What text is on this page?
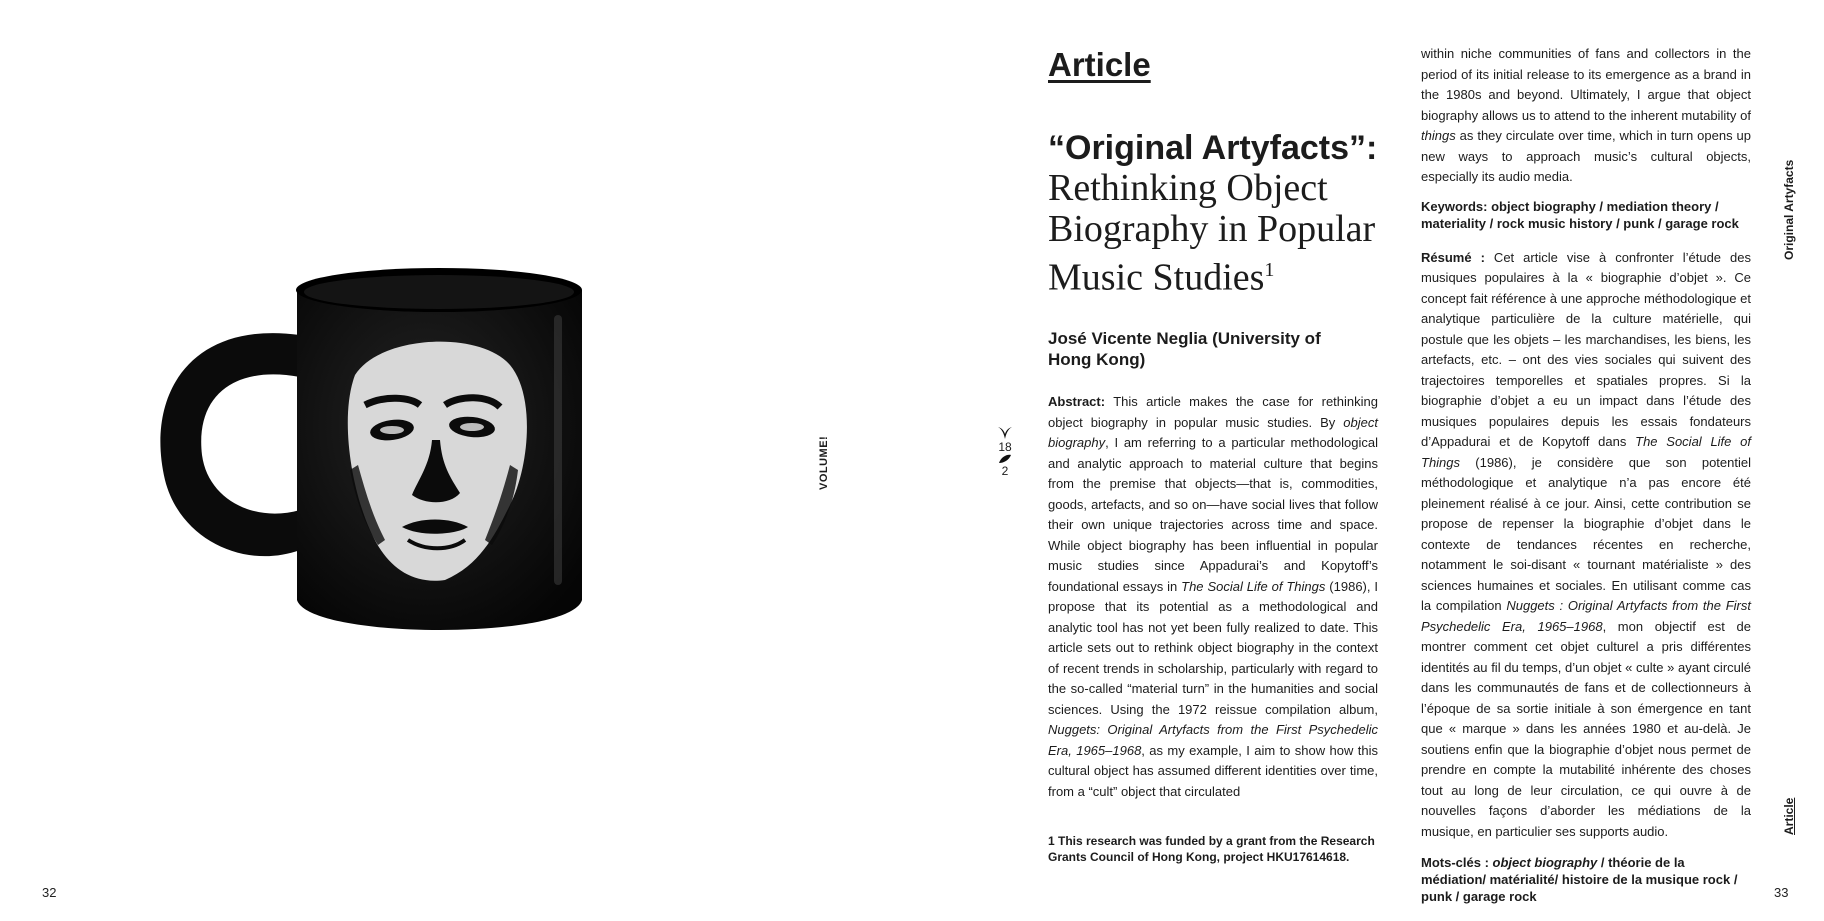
32
VOLUME!	18
2
Article
“Original Artyfacts”:
Rethinking Object Biography in Popular Music Studies$^1$
José Vicente Neglia (University of Hong Kong)
Abstract: This article makes the case for rethinking object biography in popular music studies. By object biography, I am referring to a particular methodological and analytic approach to material culture that begins from the premise that objects—that is, commodities, goods, artefacts, and so on—have social lives that follow their own unique trajectories across time and space. While object biography has been influential in popular music studies since Appadurai’s and Kopytoff’s foundational essays in The Social Life of Things (1986), I propose that its potential as a methodological and analytic tool has not yet been fully realized to date. This article sets out to rethink object biography in the context of recent trends in scholarship, particularly with regard to the so-called “material turn” in the humanities and social sciences. Using the 1972 reissue compilation album, Nuggets: Original Artyfacts from the First Psychedelic Era, 1965–1968, as my example, I aim to show how this cultural object has assumed different identities over time, from a “cult” object that circulated
1 This research was funded by a grant from the Research Grants Council of Hong Kong, project HKU17614618.
within niche communities of fans and collectors in the period of its initial release to its emergence as a brand in the 1980s and beyond. Ultimately, I argue that object biography allows us to attend to the inherent mutability of things as they circulate over time, which in turn opens up new ways to approach music’s cultural objects, especially its audio media.
Keywords: object biography / mediation theory / materiality / rock music history / punk / garage rock
Résumé : Cet article vise à confronter l’étude des musiques populaires à la « biographie d’objet ». Ce concept fait référence à une approche méthodologique et analytique particulière de la culture matérielle, qui postule que les objets – les marchandises, les biens, les artefacts, etc. – ont des vies sociales qui suivent des trajectoires temporelles et spatiales propres. Si la biographie d’objet a eu un impact dans l’étude des musiques populaires depuis les essais fondateurs d’Appadurai et de Kopytoff dans The Social Life of Things (1986), je considère que son potentiel méthodologique et analytique n’a pas encore été pleinement réalisé à ce jour. Ainsi, cette contribution se propose de repenser la biographie d’objet dans le contexte de tendances récentes en recherche, notamment le soi-disant « tournant matérialiste » des sciences humaines et sociales. En utilisant comme cas la compilation Nuggets : Original Artyfacts from the First Psychedelic Era, 1965–1968, mon objectif est de montrer comment cet objet culturel a pris différentes identités au fil du temps, d’un objet « culte » ayant circulé dans les communautés de fans et de collectionneurs à l’époque de sa sortie initiale à son émergence en tant que « marque » dans les années 1980 et au-delà. Je soutiens enfin que la biographie d’objet nous permet de prendre en compte la mutabilité inhérente des choses tout au long de leur circulation, ce qui ouvre à de nouvelles façons d’aborder les médiations de la musique, en particulier ses supports audio.
Mots-clés : object biography / théorie de la médiation/ matérialité/ histoire de la musique rock / punk / garage rock
Original Artyfacts
Article
33
